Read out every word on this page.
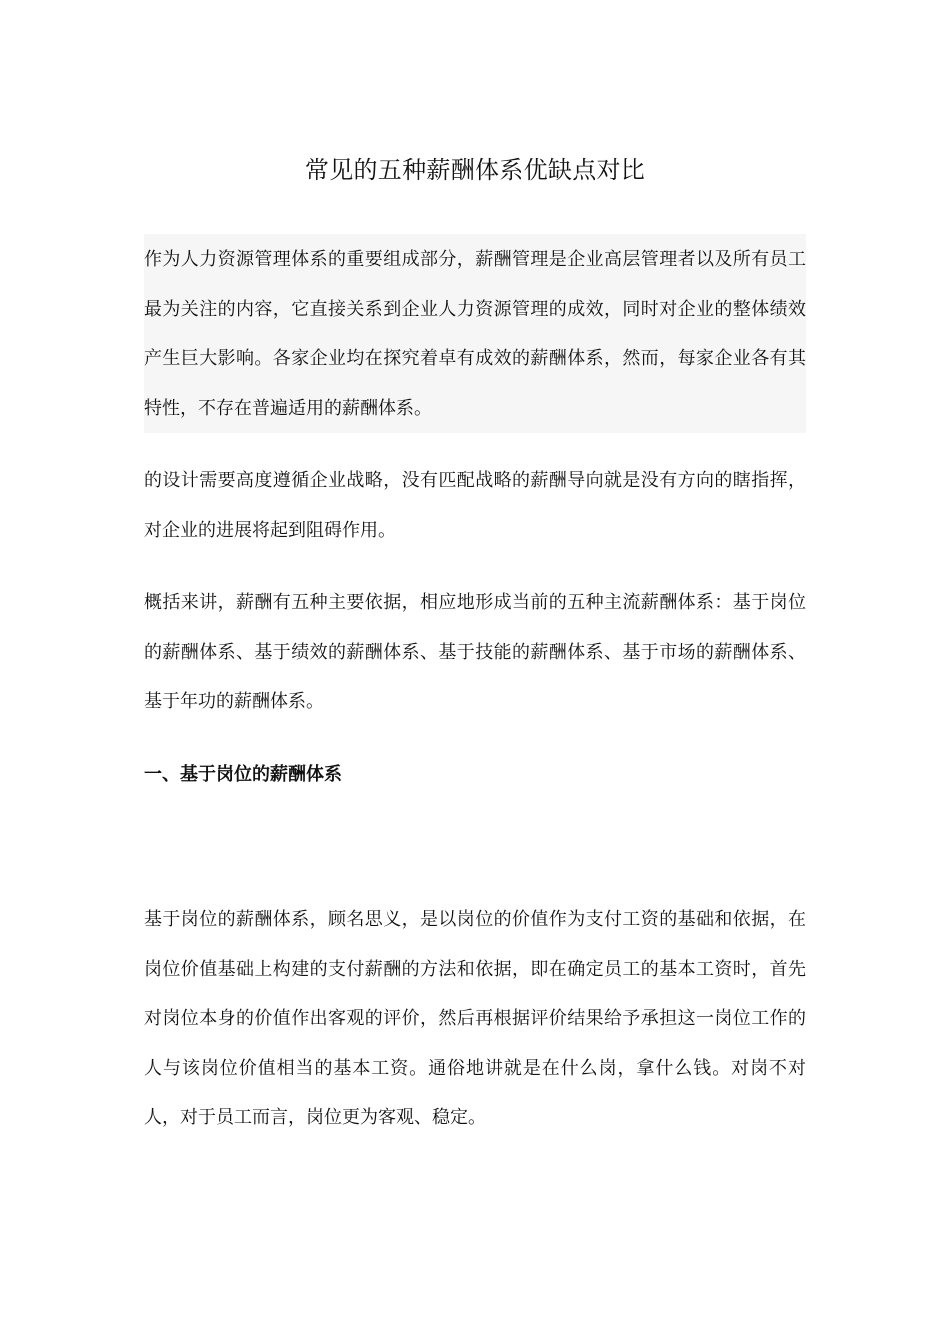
常见的五种薪酬体系优缺点对比

作为人力资源管理体系的重要组成部分，薪酬管理是企业高层管理者以及所有员工最为关注的内容，它直接关系到企业人力资源管理的成效，同时对企业的整体绩效产生巨大影响。各家企业均在探究着卓有成效的薪酬体系，然而，每家企业各有其特性，不存在普遍适用的薪酬体系。

的设计需要高度遵循企业战略，没有匹配战略的薪酬导向就是没有方向的瞎指挥，对企业的进展将起到阻碍作用。

概括来讲，薪酬有五种主要依据，相应地形成当前的五种主流薪酬体系：基于岗位的薪酬体系、基于绩效的薪酬体系、基于技能的薪酬体系、基于市场的薪酬体系、基于年功的薪酬体系。

一、基于岗位的薪酬体系

基于岗位的薪酬体系，顾名思义，是以岗位的价值作为支付工资的基础和依据，在岗位价值基础上构建的支付薪酬的方法和依据，即在确定员工的基本工资时，首先对岗位本身的价值作出客观的评价，然后再根据评价结果给予承担这一岗位工作的人与该岗位价值相当的基本工资。通俗地讲就是在什么岗，拿什么钱。对岗不对人，对于员工而言，岗位更为客观、稳定。
